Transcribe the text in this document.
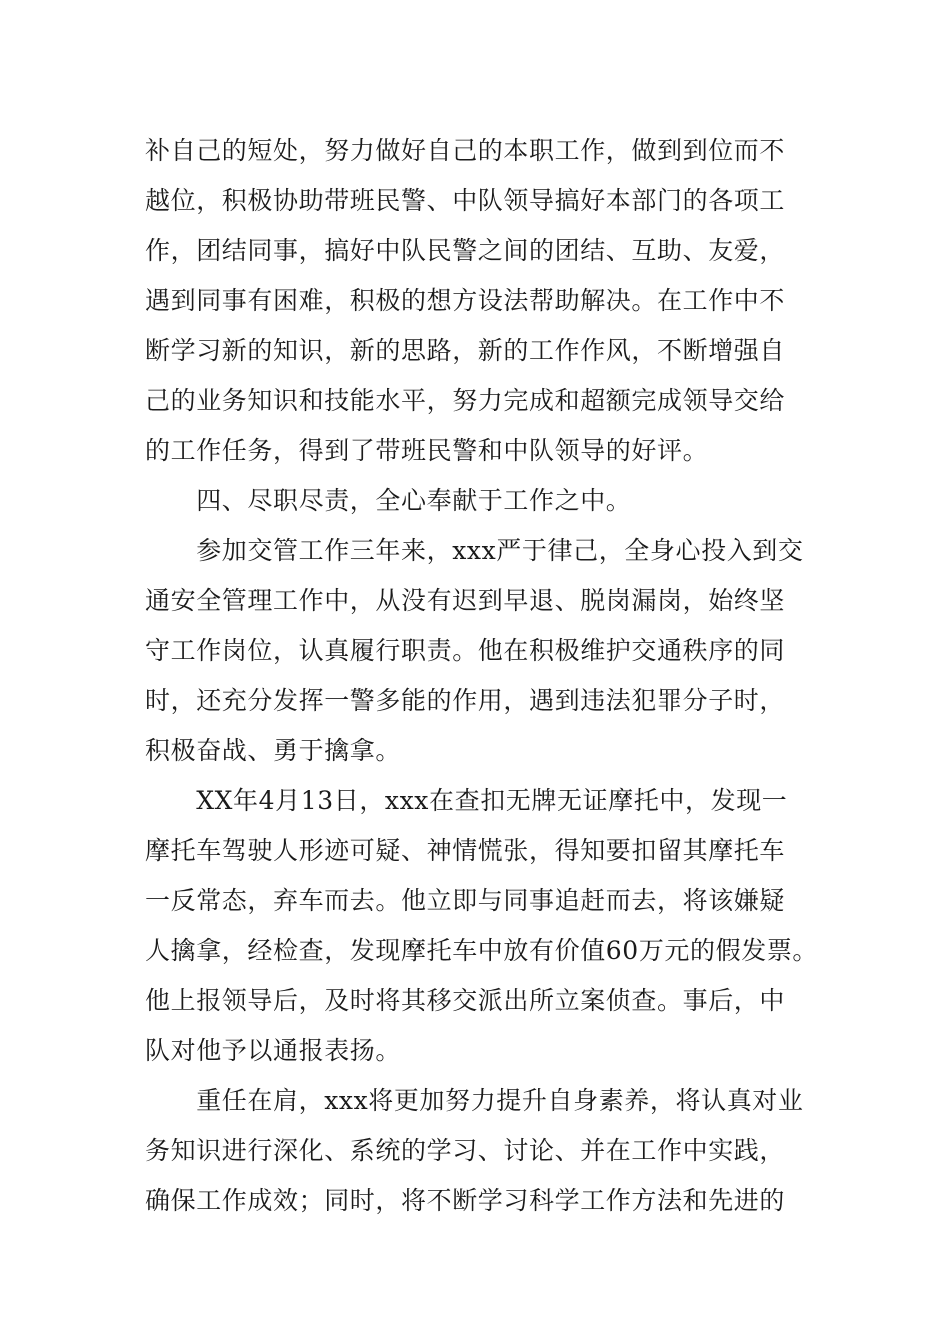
补自己的短处，努力做好自己的本职工作，做到到位而不
越位，积极协助带班民警、中队领导搞好本部门的各项工
作，团结同事，搞好中队民警之间的团结、互助、友爱，
遇到同事有困难，积极的想方设法帮助解决。在工作中不
断学习新的知识，新的思路，新的工作作风，不断增强自
己的业务知识和技能水平，努力完成和超额完成领导交给
的工作任务，得到了带班民警和中队领导的好评。
　　四、尽职尽责，全心奉献于工作之中。
　　参加交管工作三年来，xxx严于律己，全身心投入到交
通安全管理工作中，从没有迟到早退、脱岗漏岗，始终坚
守工作岗位，认真履行职责。他在积极维护交通秩序的同
时，还充分发挥一警多能的作用，遇到违法犯罪分子时，
积极奋战、勇于擒拿。
　　XX年4月13日，xxx在查扣无牌无证摩托中，发现一
摩托车驾驶人形迹可疑、神情慌张，得知要扣留其摩托车
一反常态，弃车而去。他立即与同事追赶而去，将该嫌疑
人擒拿，经检查，发现摩托车中放有价值60万元的假发票。
他上报领导后，及时将其移交派出所立案侦查。事后，中
队对他予以通报表扬。
　　重任在肩，xxx将更加努力提升自身素养，将认真对业
务知识进行深化、系统的学习、讨论、并在工作中实践，
确保工作成效；同时，将不断学习科学工作方法和先进的
